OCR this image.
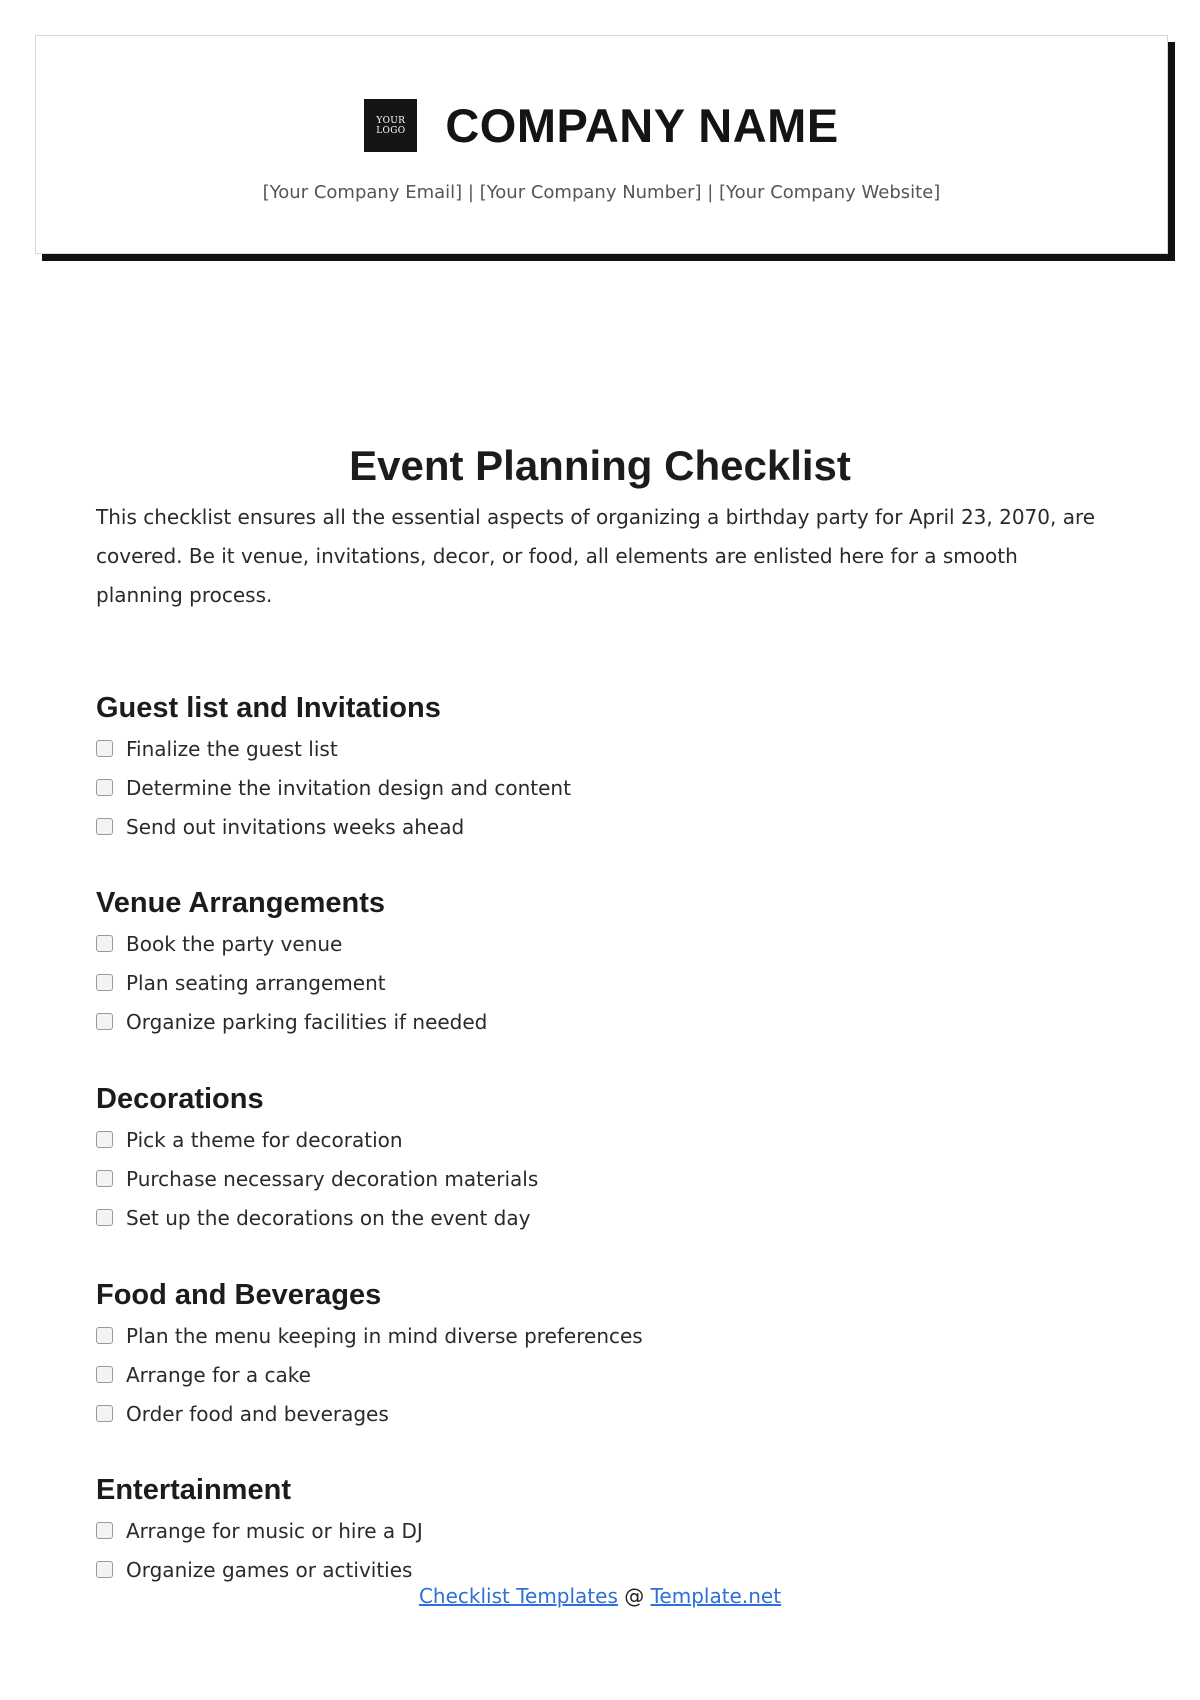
YOUR LOGO COMPANY NAME
[Your Company Email] | [Your Company Number] | [Your Company Website]
Event Planning Checklist

This checklist ensures all the essential aspects of organizing a birthday party for April 23, 2070, are covered. Be it venue, invitations, decor, or food, all elements are enlisted here for a smooth planning process.

Guest list and Invitations
Finalize the guest list
Determine the invitation design and content
Send out invitations weeks ahead
Venue Arrangements
Book the party venue
Plan seating arrangement
Organize parking facilities if needed
Decorations
Pick a theme for decoration
Purchase necessary decoration materials
Set up the decorations on the event day
Food and Beverages
Plan the menu keeping in mind diverse preferences
Arrange for a cake
Order food and beverages
Entertainment
Arrange for music or hire a DJ
Organize games or activities
Checklist Templates @ Template.net
